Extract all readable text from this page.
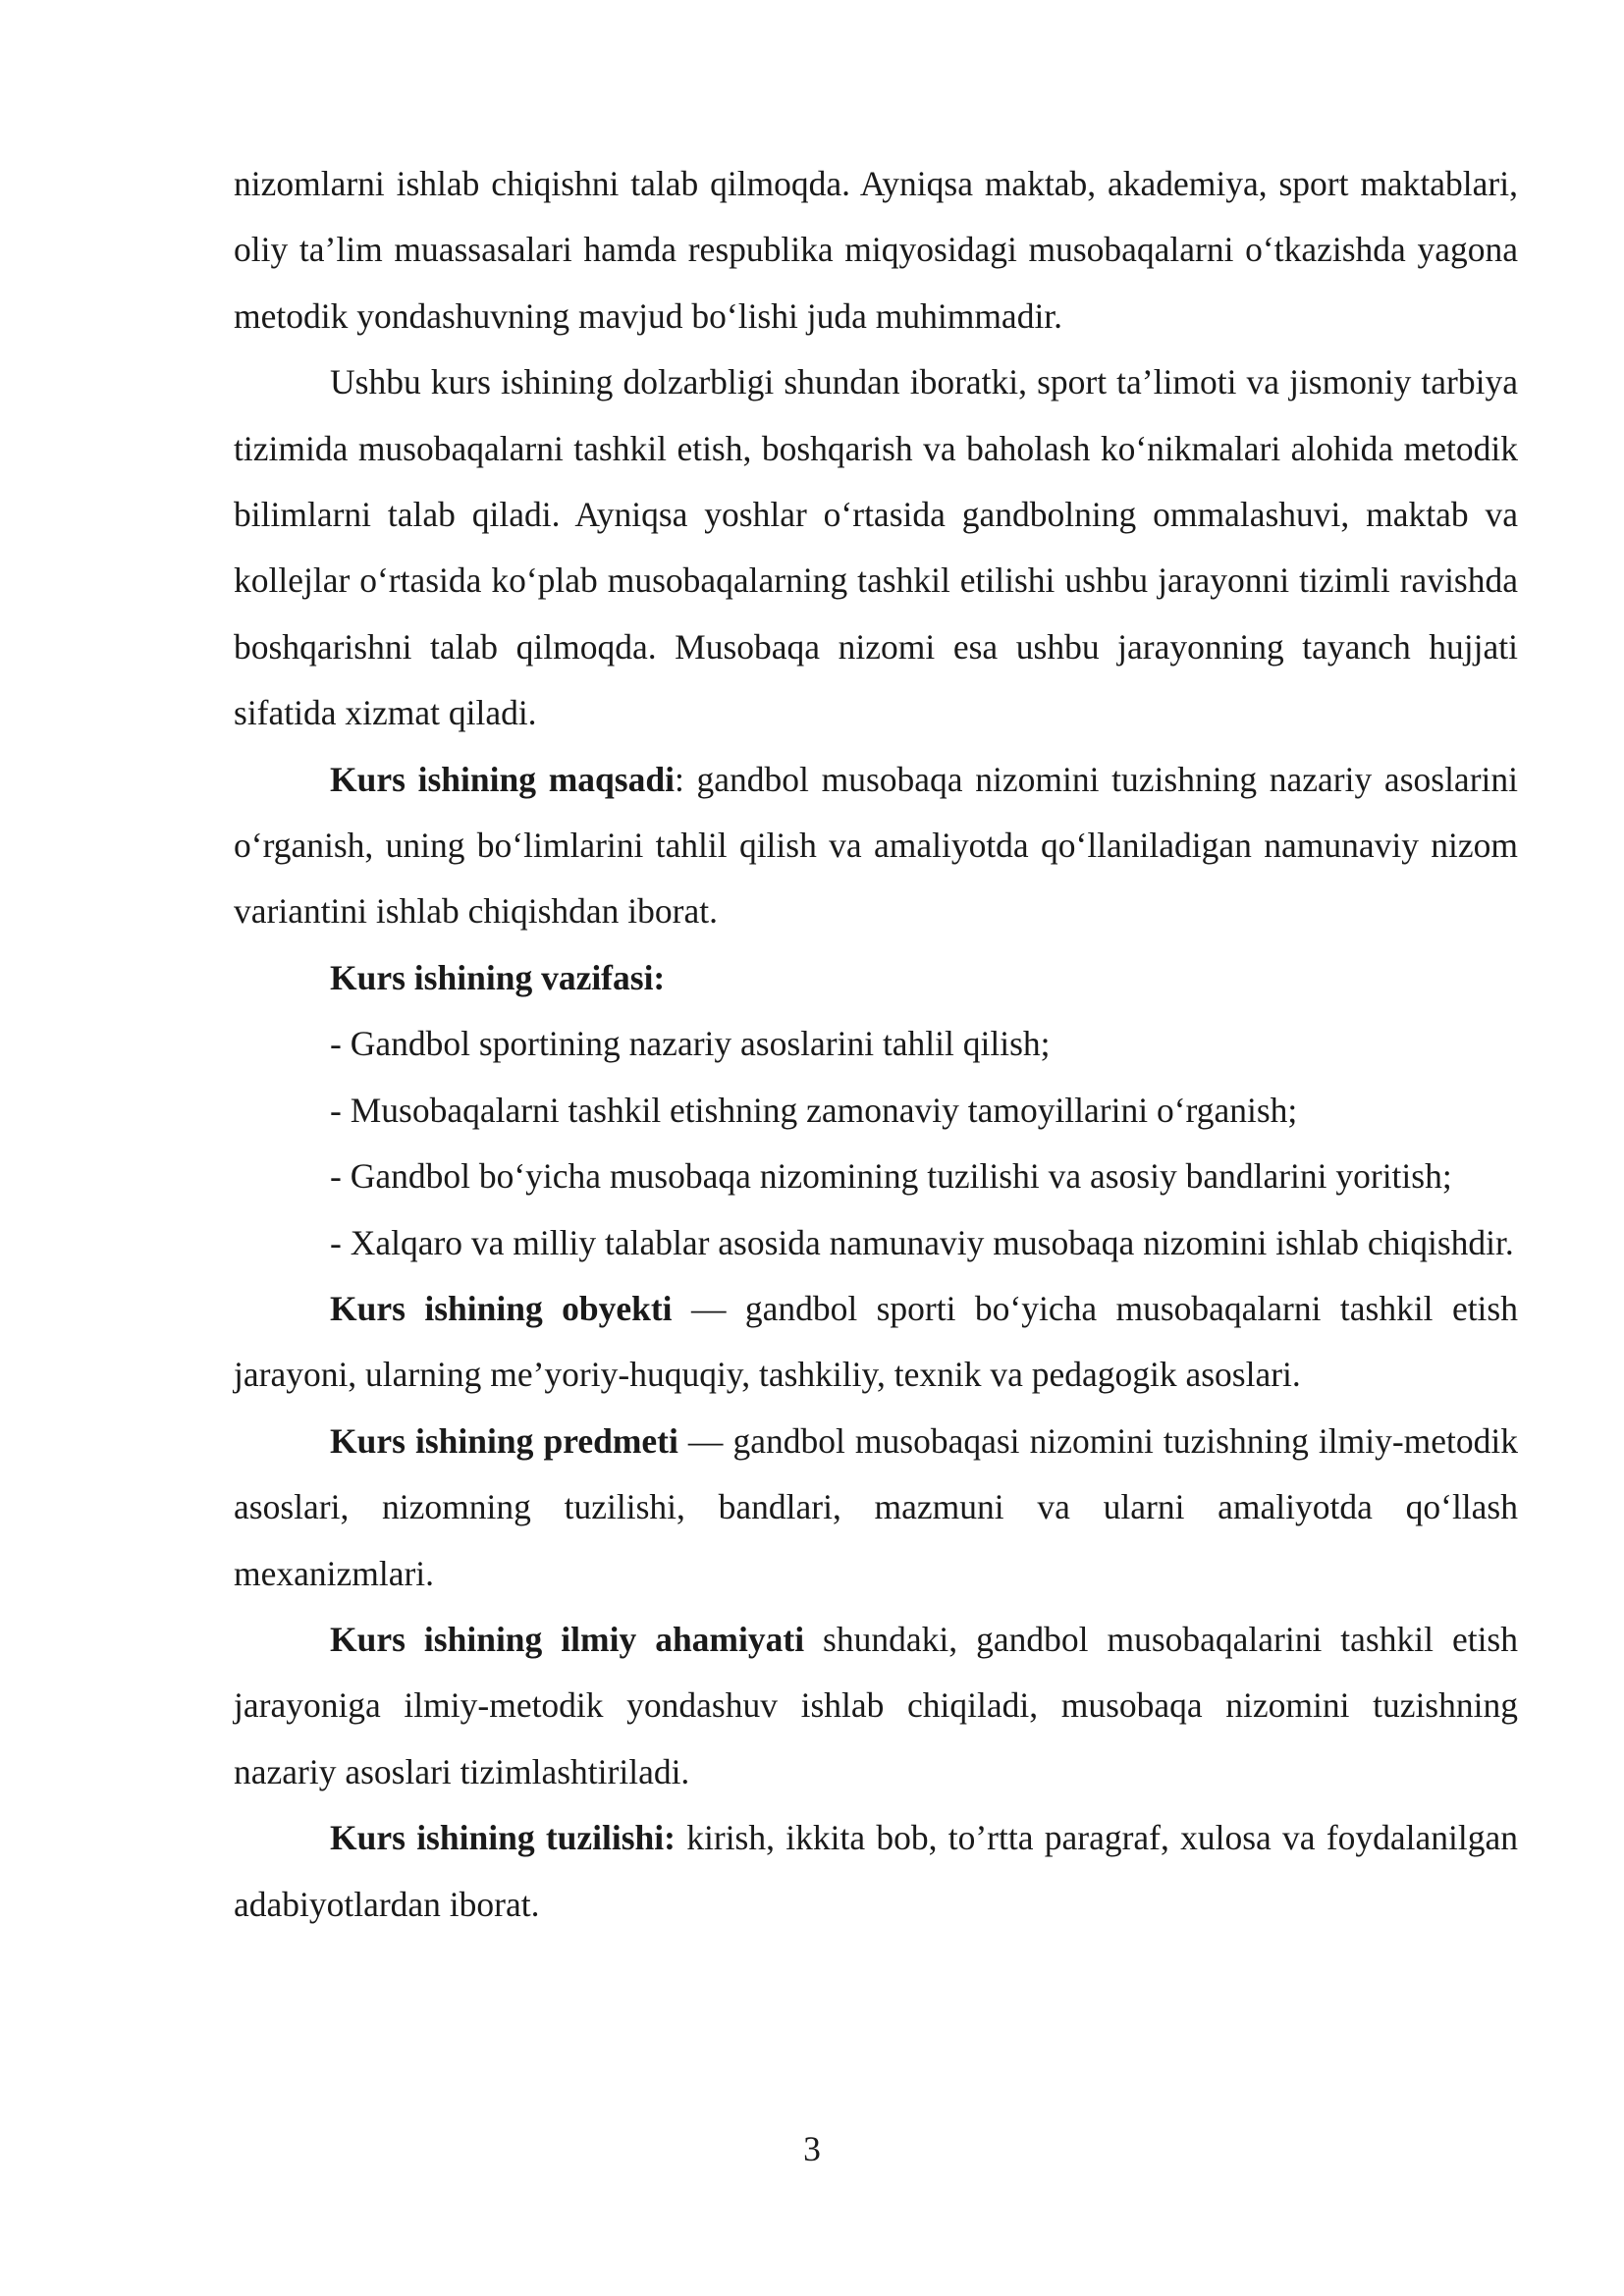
nizomlarni ishlab chiqishni talab qilmoqda. Ayniqsa maktab, akademiya, sport maktablari, oliy ta’lim muassasalari hamda respublika miqyosidagi musobaqalarni o‘tkazishda yagona metodik yondashuvning mavjud bo‘lishi juda muhimmadir.

Ushbu kurs ishining dolzarbligi shundan iboratki, sport ta’limoti va jismoniy tarbiya tizimida musobaqalarni tashkil etish, boshqarish va baholash ko‘nikmalari alohida metodik bilimlarni talab qiladi. Ayniqsa yoshlar o‘rtasida gandbolning ommalashuvi, maktab va kollejlar o‘rtasida ko‘plab musobaqalarning tashkil etilishi ushbu jarayonni tizimli ravishda boshqarishni talab qilmoqda. Musobaqa nizomi esa ushbu jarayonning tayanch hujjati sifatida xizmat qiladi.

Kurs ishining maqsadi: gandbol musobaqa nizomini tuzishning nazariy asoslarini o‘rganish, uning bo‘limlarini tahlil qilish va amaliyotda qo‘llaniladigan namunaviy nizom variantini ishlab chiqishdan iborat.

Kurs ishining vazifasi:

- Gandbol sportining nazariy asoslarini tahlil qilish;

- Musobaqalarni tashkil etishning zamonaviy tamoyillarini o‘rganish;

- Gandbol bo‘yicha musobaqa nizomining tuzilishi va asosiy bandlarini yoritish;

- Xalqaro va milliy talablar asosida namunaviy musobaqa nizomini ishlab chiqishdir.

Kurs ishining obyekti — gandbol sporti bo‘yicha musobaqalarni tashkil etish jarayoni, ularning me’yoriy-huquqiy, tashkiliy, texnik va pedagogik asoslari.

Kurs ishining predmeti — gandbol musobaqasi nizomini tuzishning ilmiy-metodik asoslari, nizomning tuzilishi, bandlari, mazmuni va ularni amaliyotda qo‘llash mexanizmlari.

Kurs ishining ilmiy ahamiyati shundaki, gandbol musobaqalarini tashkil etish jarayoniga ilmiy-metodik yondashuv ishlab chiqiladi, musobaqa nizomini tuzishning nazariy asoslari tizimlashtiriladi.

Kurs ishining tuzilishi: kirish, ikkita bob, to’rtta paragraf, xulosa va foydalanilgan adabiyotlardan iborat.

3
